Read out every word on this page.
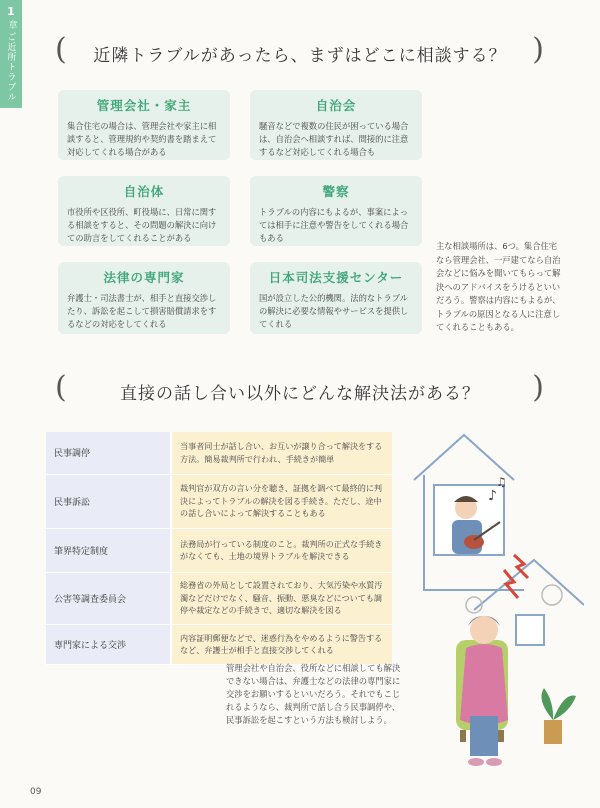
1
章
ご近所トラブル ( 近隣トラブルがあったら、まずはどこに相談する？ )
管理会社・家主
集合住宅の場合は、管理会社や家主に相談すると、管理規約や契約書を踏まえて対応してくれる場合がある
自治会
騒音などで複数の住民が困っている場合は、自治会へ相談すれば、間接的に注意するなど対応してくれる場合も
自治体
市役所や区役所、町役場に、日常に関する相談をすると、その問題の解決に向けての助言をしてくれることがある
警察
トラブルの内容にもよるが、事案によっては相手に注意や警告をしてくれる場合もある
法律の専門家
弁護士・司法書士が、相手と直接交渉したり、訴訟を起こして損害賠償請求をするなどの対応をしてくれる
日本司法支援センター
国が設立した公的機関。法的なトラブルの解決に必要な情報やサービスを提供してくれる
主な相談場所は、6つ。集合住宅なら管理会社、一戸建てなら自治会などに悩みを聞いてもらって解決へのアドバイスをうけるといいだろう。警察は内容にもよるが、トラブルの原因となる人に注意してくれることもある。
(	直接の話し合い以外にどんな解決法がある？ )
民事調停	当事者同士が話し合い、お互いが譲り合って解決をする方法。簡易裁判所で行われ、手続きが簡単
民事訴訟	裁判官が双方の言い分を聴き、証拠を調べて最終的に判決によってトラブルの解決を図る手続き。ただし、途中の話し合いによって解決することもある
筆界特定制度	法務局が行っている制度のこと。裁判所の正式な手続きがなくても、土地の境界トラブルを解決できる
公害等調査委員会	総務省の外局として設置されており、大気汚染や水質汚濁などだけでなく、騒音、振動、悪臭などについても調停や裁定などの手続きで、適切な解決を図る
専門家による交渉	内容証明郵便などで、迷惑行為をやめるように警告するなど、弁護士が相手と直接交渉してくれる
管理会社や自治会、役所などに相談しても解決できない場合は、弁護士などの法律の専門家に交渉をお願いするといいだろう。それでもこじれるようなら、裁判所で話し合う民事調停や、民事訴訟を起こすという方法も検討しよう。
♪
♫
09
